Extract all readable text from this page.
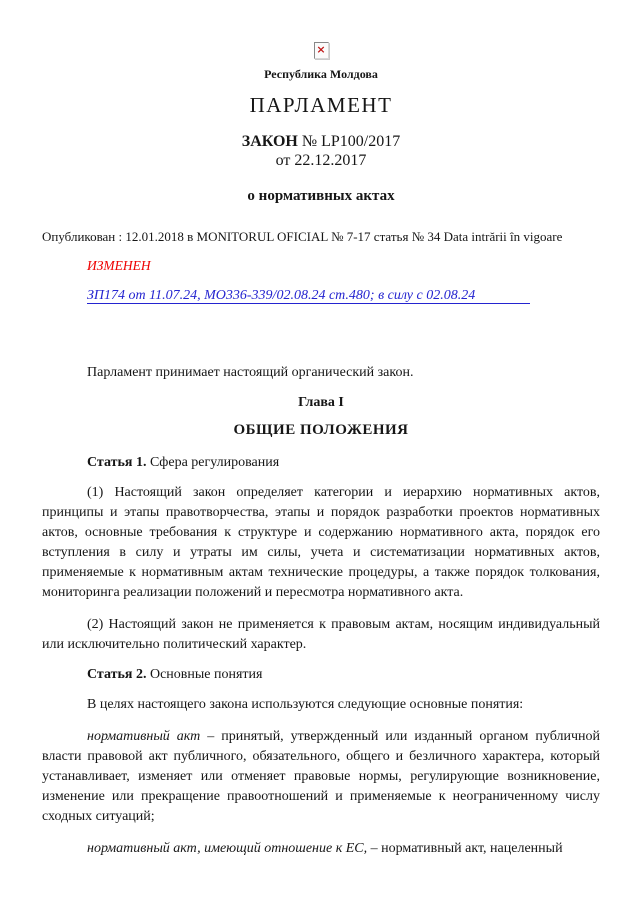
×
Республика Молдова
ПАРЛАМЕНТ
ЗАКОН № LP100/2017
от 22.12.2017
о нормативных актах
Опубликован : 12.01.2018 в MONITORUL OFICIAL № 7-17 статья № 34 Data intrării în vigoare
ИЗМЕНЕН
ЗП174 от 11.07.24, МО336-339/02.08.24 ст.480; в силу с 02.08.24

Парламент принимает настоящий органический закон.

Глава I
ОБЩИЕ ПОЛОЖЕНИЯ

Статья 1. Сфера регулирования

(1) Настоящий закон определяет категории и иерархию нормативных актов, принципы и этапы правотворчества, этапы и порядок разработки проектов нормативных актов, основные требования к структуре и содержанию нормативного акта, порядок его вступления в силу и утраты им силы, учета и систематизации нормативных актов, применяемые к нормативным актам технические процедуры, а также порядок толкования, мониторинга реализации положений и пересмотра нормативного акта.

(2) Настоящий закон не применяется к правовым актам, носящим индивидуальный или исключительно политический характер.

Статья 2. Основные понятия

В целях настоящего закона используются следующие основные понятия:

нормативный акт – принятый, утвержденный или изданный органом публичной власти правовой акт публичного, обязательного, общего и безличного характера, который устанавливает, изменяет или отменяет правовые нормы, регулирующие возникновение, изменение или прекращение правоотношений и применяемые к неограниченному числу сходных ситуаций;

нормативный акт, имеющий отношение к ЕС, – нормативный акт, нацеленный
